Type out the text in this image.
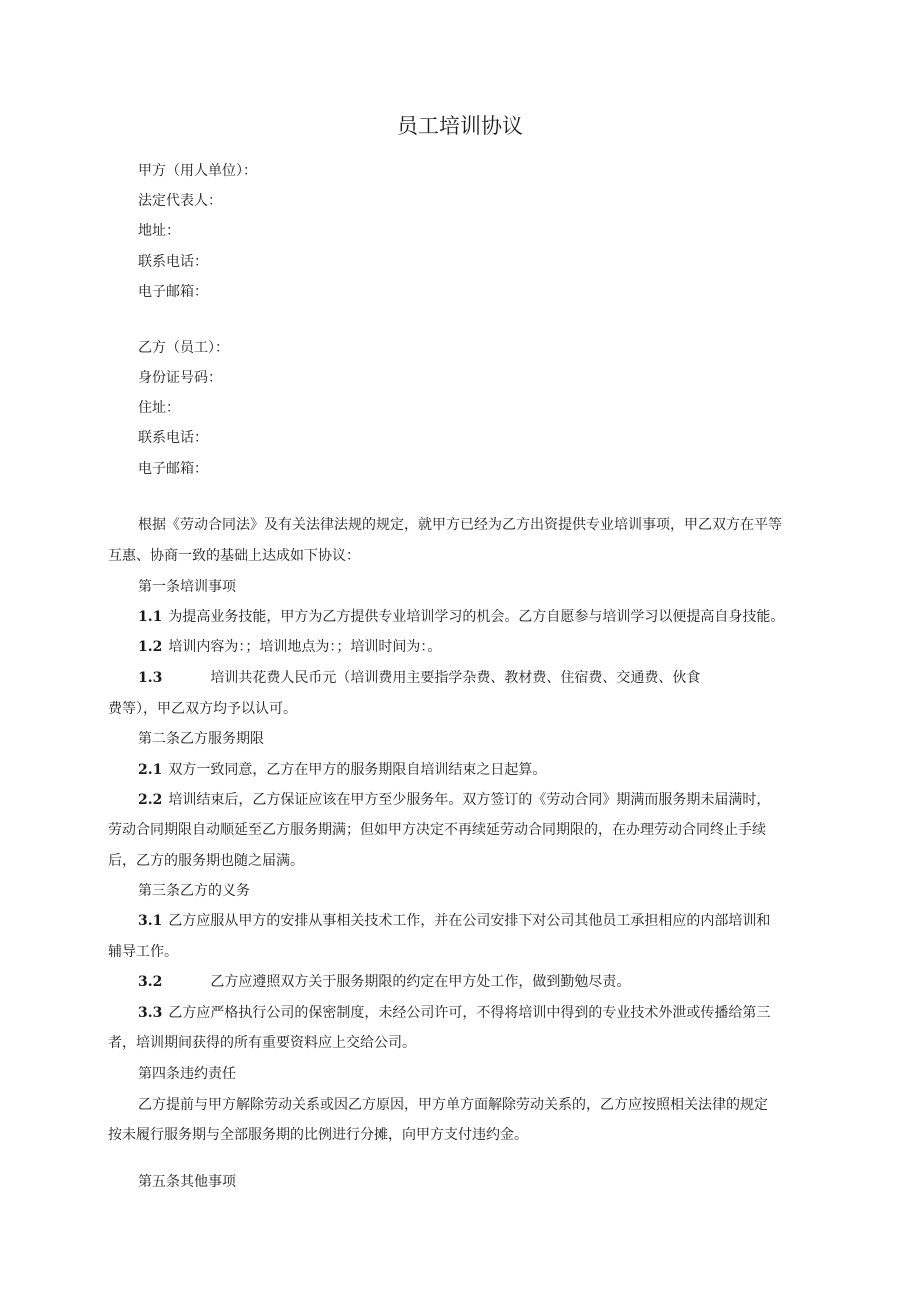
员工培训协议
甲方（用人单位）：
法定代表人：
地址：
联系电话：
电子邮箱：
乙方（员工）：
身份证号码：
住址：
联系电话：
电子邮箱：
根据《劳动合同法》及有关法律法规的规定，就甲方已经为乙方出资提供专业培训事项，甲乙双方在平等
互惠、协商一致的基础上达成如下协议：
第一条培训事项
1.1 为提高业务技能，甲方为乙方提供专业培训学习的机会。乙方自愿参与培训学习以便提高自身技能。
1.2 培训内容为：；培训地点为：；培训时间为：。
1.3	培训共花费人民币元（培训费用主要指学杂费、教材费、住宿费、交通费、伙食
费等），甲乙双方均予以认可。
第二条乙方服务期限
2.1 双方一致同意，乙方在甲方的服务期限自培训结束之日起算。
2.2 培训结束后，乙方保证应该在甲方至少服务年。双方签订的《劳动合同》期满而服务期未届满时，
劳动合同期限自动顺延至乙方服务期满；但如甲方决定不再续延劳动合同期限的，在办理劳动合同终止手续
后，乙方的服务期也随之届满。
第三条乙方的义务
3.1 乙方应服从甲方的安排从事相关技术工作，并在公司安排下对公司其他员工承担相应的内部培训和
辅导工作。
3.2	乙方应遵照双方关于服务期限的约定在甲方处工作，做到勤勉尽责。
3.3 乙方应严格执行公司的保密制度，未经公司许可，不得将培训中得到的专业技术外泄或传播给第三
者，培训期间获得的所有重要资料应上交给公司。
第四条违约责任
乙方提前与甲方解除劳动关系或因乙方原因，甲方单方面解除劳动关系的，乙方应按照相关法律的规定
按未履行服务期与全部服务期的比例进行分摊，向甲方支付违约金。
第五条其他事项
